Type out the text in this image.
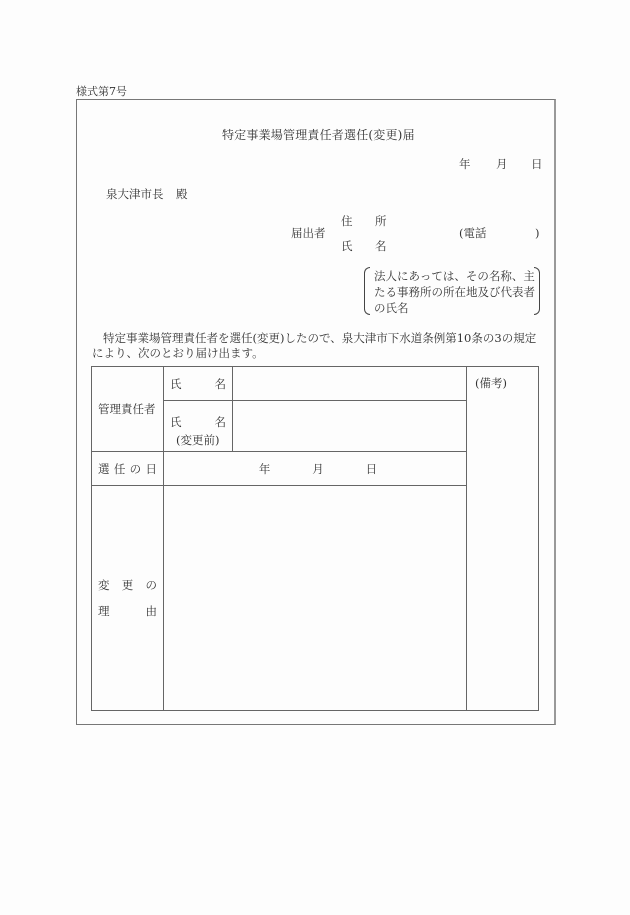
様式第7号
特定事業場管理責任者選任(変更)届
年 月 日
泉大津市長 殿
届出者
住 所
氏 名
(電話	)
法人にあっては、その名称、主たる事務所の所在地及び代表者の氏名

特定事業場管理責任者を選任(変更)したので、泉大津市下水道条例第10条の3の規定により、次のとおり届け出ます。

管理責任者	氏 名		(備考)

	氏 名
(変更前)		

選 任 の 日	年 月 日		

変 更 の
理 由			
